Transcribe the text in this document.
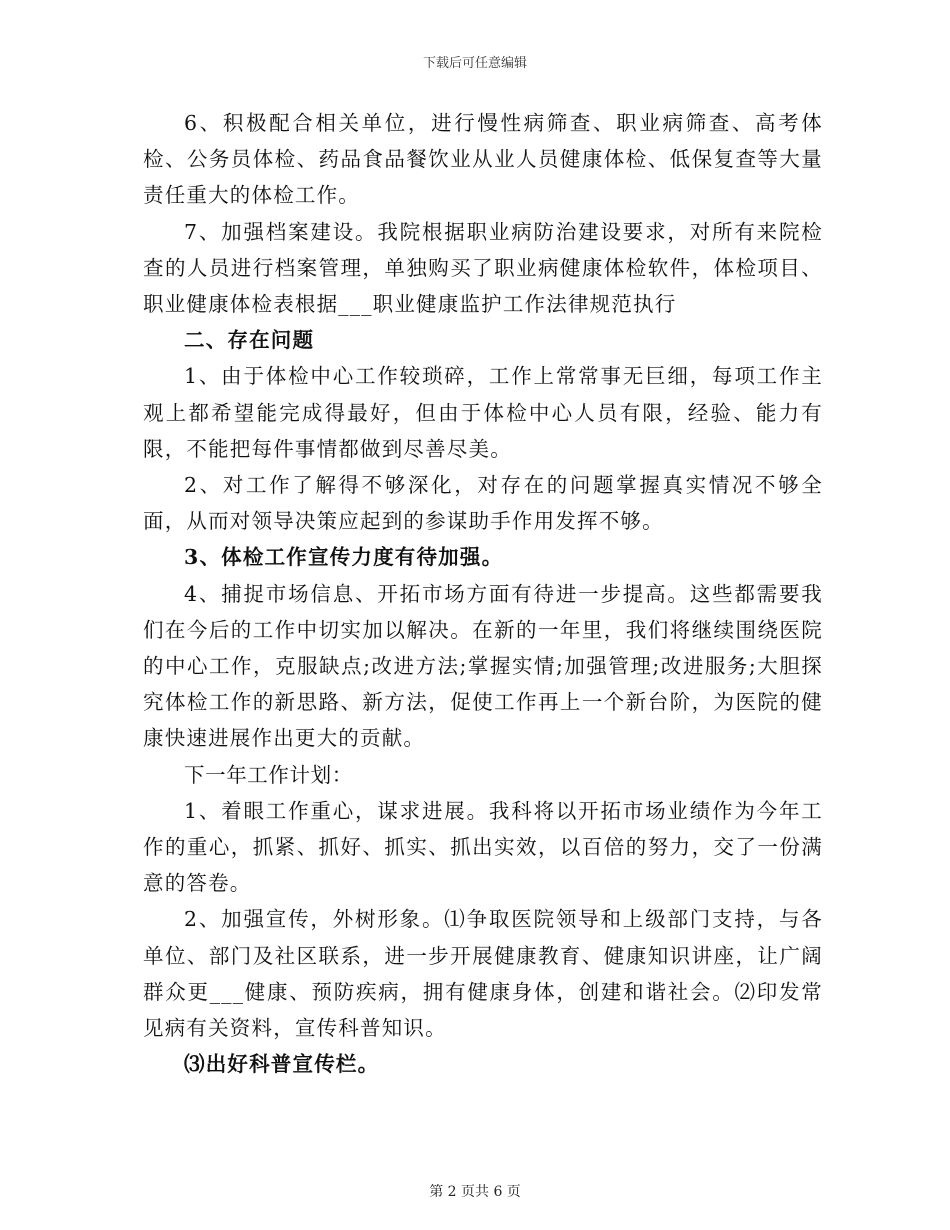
下载后可任意编辑

6、积极配合相关单位，进行慢性病筛查、职业病筛查、高考体检、公务员体检、药品食品餐饮业从业人员健康体检、低保复查等大量责任重大的体检工作。

7、加强档案建设。我院根据职业病防治建设要求，对所有来院检查的人员进行档案管理，单独购买了职业病健康体检软件，体检项目、职业健康体检表根据___职业健康监护工作法律规范执行

二、存在问题

1、由于体检中心工作较琐碎，工作上常常事无巨细，每项工作主观上都希望能完成得最好，但由于体检中心人员有限，经验、能力有限，不能把每件事情都做到尽善尽美。

2、对工作了解得不够深化，对存在的问题掌握真实情况不够全面，从而对领导决策应起到的参谋助手作用发挥不够。

3、体检工作宣传力度有待加强。

4、捕捉市场信息、开拓市场方面有待进一步提高。这些都需要我们在今后的工作中切实加以解决。在新的一年里，我们将继续围绕医院的中心工作，克服缺点;改进方法;掌握实情;加强管理;改进服务;大胆探究体检工作的新思路、新方法，促使工作再上一个新台阶，为医院的健康快速进展作出更大的贡献。

下一年工作计划：

1、着眼工作重心，谋求进展。我科将以开拓市场业绩作为今年工作的重心，抓紧、抓好、抓实、抓出实效，以百倍的努力，交了一份满意的答卷。

2、加强宣传，外树形象。⑴争取医院领导和上级部门支持，与各单位、部门及社区联系，进一步开展健康教育、健康知识讲座，让广阔群众更___健康、预防疾病，拥有健康身体，创建和谐社会。⑵印发常见病有关资料，宣传科普知识。

⑶出好科普宣传栏。

第 2 页共 6 页
